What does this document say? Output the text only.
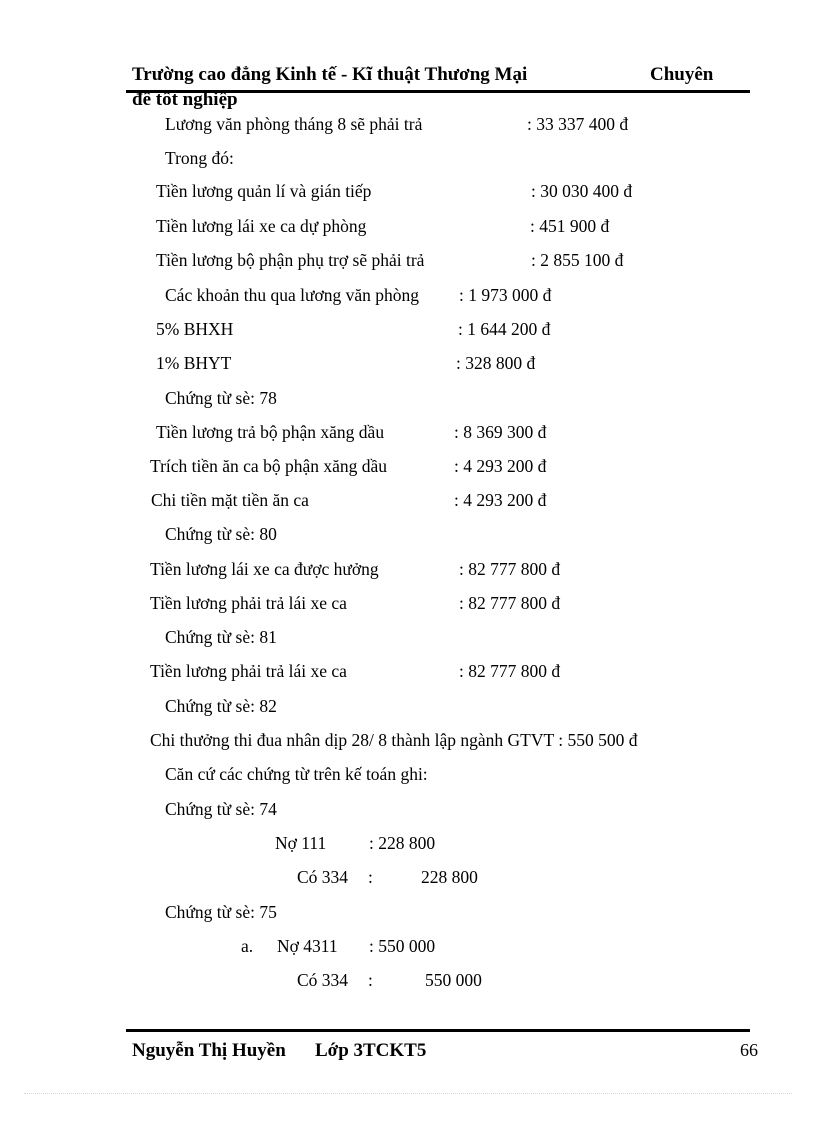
Trường cao đẳng Kinh tế - Kĩ thuật Thương Mại	Chuyên
đề tốt nghiệp
Lương văn phòng tháng 8 sẽ phải trả	: 33 337 400 đ
Trong đó:
Tiền lương quản lí và gián tiếp	: 30 030 400 đ
Tiền lương lái xe ca dự phòng	: 451 900 đ
Tiền lương bộ phận phụ trợ sẽ phải trả	: 2 855 100 đ
Các khoản thu qua lương văn phòng : 1 973 000 đ
5% BHXH	: 1 644 200 đ
1% BHYT	: 328 800 đ
Chứng từ sè: 78
Tiền lương trả bộ phận xăng dầu	: 8 369 300 đ
Trích tiền ăn ca bộ phận xăng dầu	: 4 293 200 đ
Chi tiền mặt tiền ăn ca	: 4 293 200 đ
Chứng từ sè: 80
Tiền lương lái xe ca được hưởng	: 82 777 800 đ
Tiền lương phải trả lái xe ca	: 82 777 800 đ
Chứng từ sè: 81
Tiền lương phải trả lái xe ca	: 82 777 800 đ
Chứng từ sè: 82
Chi thưởng thi đua nhân dịp 28/ 8 thành lập ngành GTVT : 550 500 đ
Căn cứ các chứng từ trên kế toán ghi:
Chứng từ sè: 74
Nợ 111 : 228 800
Có 334 :	228 800
Chứng từ sè: 75
a. Nợ 4311 : 550 000
Có 334 :	550 000
Nguyễn Thị Huyền Lớp 3TCKT5	66
